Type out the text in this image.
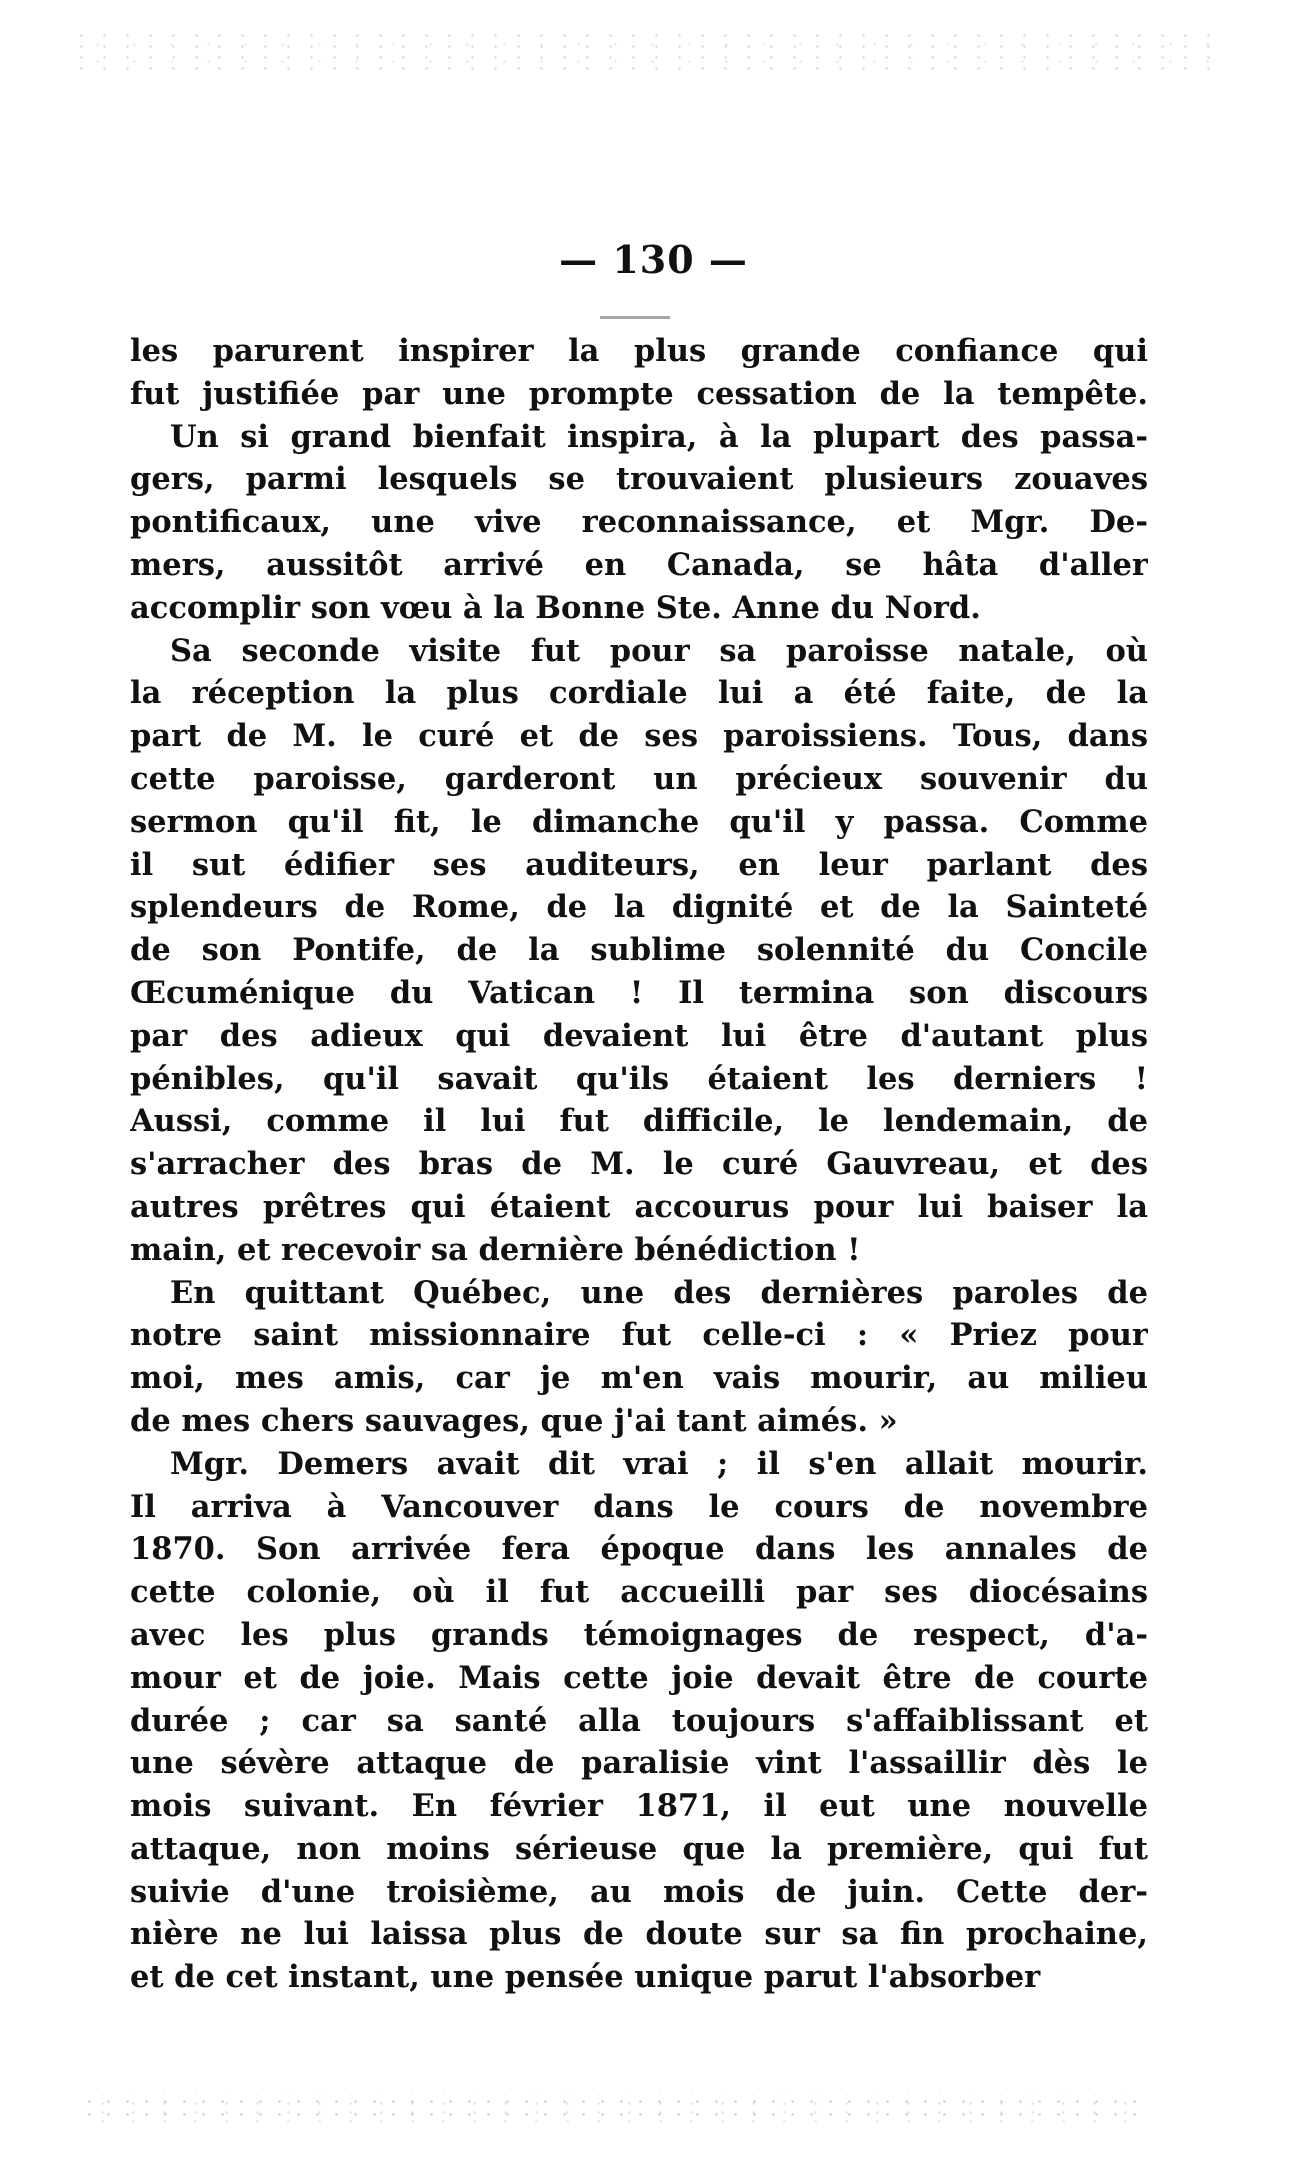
— 130 —
les parurent inspirer la plus grande confiance qui
fut justifiée par une prompte cessation de la tempête.
Un si grand bienfait inspira, à la plupart des passa-
gers, parmi lesquels se trouvaient plusieurs zouaves
pontificaux, une vive reconnaissance, et Mgr. De-
mers, aussitôt arrivé en Canada, se hâta d'aller
accomplir son vœu à la Bonne Ste. Anne du Nord.
Sa seconde visite fut pour sa paroisse natale, où
la réception la plus cordiale lui a été faite, de la
part de M. le curé et de ses paroissiens. Tous, dans
cette paroisse, garderont un précieux souvenir du
sermon qu'il fit, le dimanche qu'il y passa. Comme
il sut édifier ses auditeurs, en leur parlant des
splendeurs de Rome, de la dignité et de la Sainteté
de son Pontife, de la sublime solennité du Concile
Œcuménique du Vatican ! Il termina son discours
par des adieux qui devaient lui être d'autant plus
pénibles, qu'il savait qu'ils étaient les derniers !
Aussi, comme il lui fut difficile, le lendemain, de
s'arracher des bras de M. le curé Gauvreau, et des
autres prêtres qui étaient accourus pour lui baiser la
main, et recevoir sa dernière bénédiction !
En quittant Québec, une des dernières paroles de
notre saint missionnaire fut celle-ci : « Priez pour
moi, mes amis, car je m'en vais mourir, au milieu
de mes chers sauvages, que j'ai tant aimés. »
Mgr. Demers avait dit vrai ; il s'en allait mourir.
Il arriva à Vancouver dans le cours de novembre
1870. Son arrivée fera époque dans les annales de
cette colonie, où il fut accueilli par ses diocésains
avec les plus grands témoignages de respect, d'a-
mour et de joie. Mais cette joie devait être de courte
durée ; car sa santé alla toujours s'affaiblissant et
une sévère attaque de paralisie vint l'assaillir dès le
mois suivant. En février 1871, il eut une nouvelle
attaque, non moins sérieuse que la première, qui fut
suivie d'une troisième, au mois de juin. Cette der-
nière ne lui laissa plus de doute sur sa fin prochaine,
et de cet instant, une pensée unique parut l'absorber
